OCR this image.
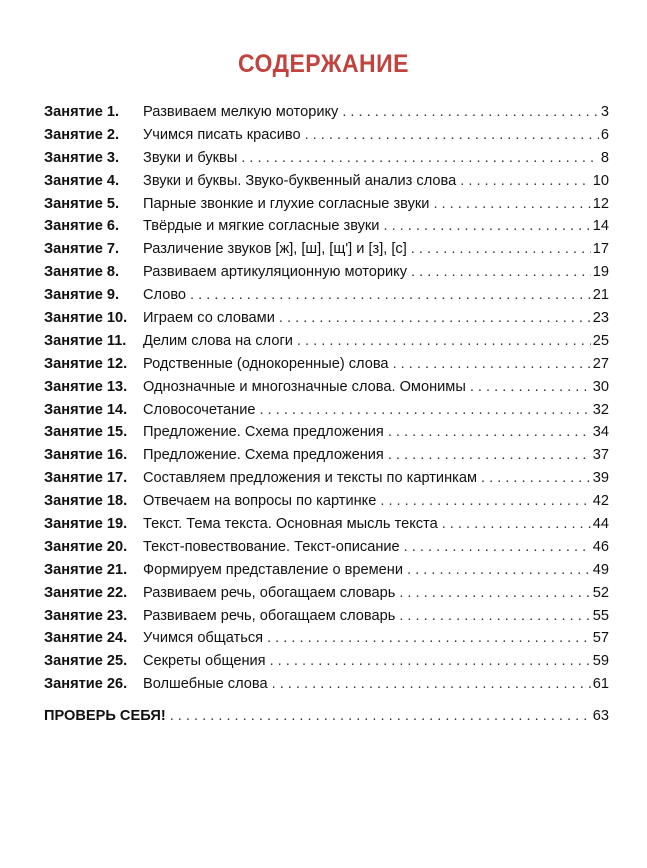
СОДЕРЖАНИЕ
Занятие 1. Развиваем мелкую моторику . . .	3
Занятие 2. Учимся писать красиво . . .	6
Занятие 3. Звуки и буквы . . .	8
Занятие 4. Звуки и буквы. Звуко-буквенный анализ слова . . .	10
Занятие 5. Парные звонкие и глухие согласные звуки . . .	12
Занятие 6. Твёрдые и мягкие согласные звуки . . .	14
Занятие 7. Различение звуков [ж], [ш], [щ'] и [з], [с] . . .	17
Занятие 8. Развиваем артикуляционную моторику . . .	19
Занятие 9. Слово . . .	21
Занятие 10. Играем со словами . . .	23
Занятие 11. Делим слова на слоги . . .	25
Занятие 12. Родственные (однокоренные) слова . . .	27
Занятие 13. Однозначные и многозначные слова. Омонимы . . .	30
Занятие 14. Словосочетание . . .	32
Занятие 15. Предложение. Схема предложения . . .	34
Занятие 16. Предложение. Схема предложения . . .	37
Занятие 17. Составляем предложения и тексты по картинкам . . .	39
Занятие 18. Отвечаем на вопросы по картинке . . .	42
Занятие 19. Текст. Тема текста. Основная мысль текста . . .	44
Занятие 20. Текст-повествование. Текст-описание . . .	46
Занятие 21. Формируем представление о времени . . .	49
Занятие 22. Развиваем речь, обогащаем словарь . . .	52
Занятие 23. Развиваем речь, обогащаем словарь . . .	55
Занятие 24. Учимся общаться . . .	57
Занятие 25. Секреты общения . . .	59
Занятие 26. Волшебные слова . . .	61
ПРОВЕРЬ СЕБЯ! . . .	63
